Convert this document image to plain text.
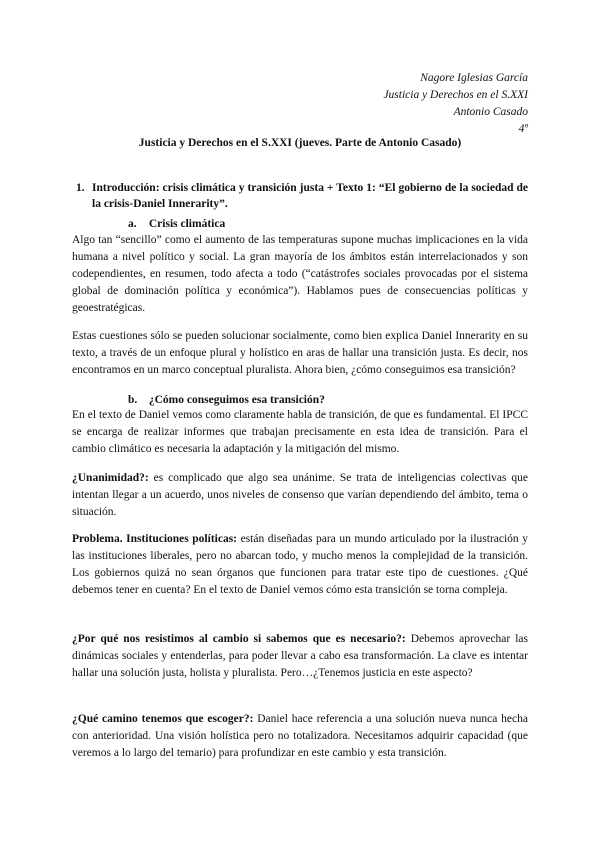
Nagore Iglesias García
Justicia y Derechos en el S.XXI
Antonio Casado
4º
Justicia y Derechos en el S.XXI (jueves. Parte de Antonio Casado)
1. Introducción: crisis climática y transición justa + Texto 1: “El gobierno de la sociedad de la crisis-Daniel Innerarity”.
a. Crisis climática

Algo tan “sencillo” como el aumento de las temperaturas supone muchas implicaciones en la vida humana a nivel político y social. La gran mayoría de los ámbitos están interrelacionados y son codependientes, en resumen, todo afecta a todo (“catástrofes sociales provocadas por el sistema global de dominación política y económica”). Hablamos pues de consecuencias políticas y geoestratégicas.

Estas cuestiones sólo se pueden solucionar socialmente, como bien explica Daniel Innerarity en su texto, a través de un enfoque plural y holístico en aras de hallar una transición justa. Es decir, nos encontramos en un marco conceptual pluralista. Ahora bien, ¿cómo conseguimos esa transición?

b. ¿Cómo conseguimos esa transición?

En el texto de Daniel vemos como claramente habla de transición, de que es fundamental. El IPCC se encarga de realizar informes que trabajan precisamente en esta idea de transición. Para el cambio climático es necesaria la adaptación y la mitigación del mismo.

¿Unanimidad?: es complicado que algo sea unánime. Se trata de inteligencias colectivas que intentan llegar a un acuerdo, unos niveles de consenso que varían dependiendo del ámbito, tema o situación.

Problema. Instituciones políticas: están diseñadas para un mundo articulado por la ilustración y las instituciones liberales, pero no abarcan todo, y mucho menos la complejidad de la transición. Los gobiernos quizá no sean órganos que funcionen para tratar este tipo de cuestiones. ¿Qué debemos tener en cuenta? En el texto de Daniel vemos cómo esta transición se torna compleja.

¿Por qué nos resistimos al cambio si sabemos que es necesario?: Debemos aprovechar las dinámicas sociales y entenderlas, para poder llevar a cabo esa transformación. La clave es intentar hallar una solución justa, holista y pluralista. Pero…¿Tenemos justicia en este aspecto?

¿Qué camino tenemos que escoger?: Daniel hace referencia a una solución nueva nunca hecha con anterioridad. Una visión holística pero no totalizadora. Necesitamos adquirir capacidad (que veremos a lo largo del temario) para profundizar en este cambio y esta transición.
